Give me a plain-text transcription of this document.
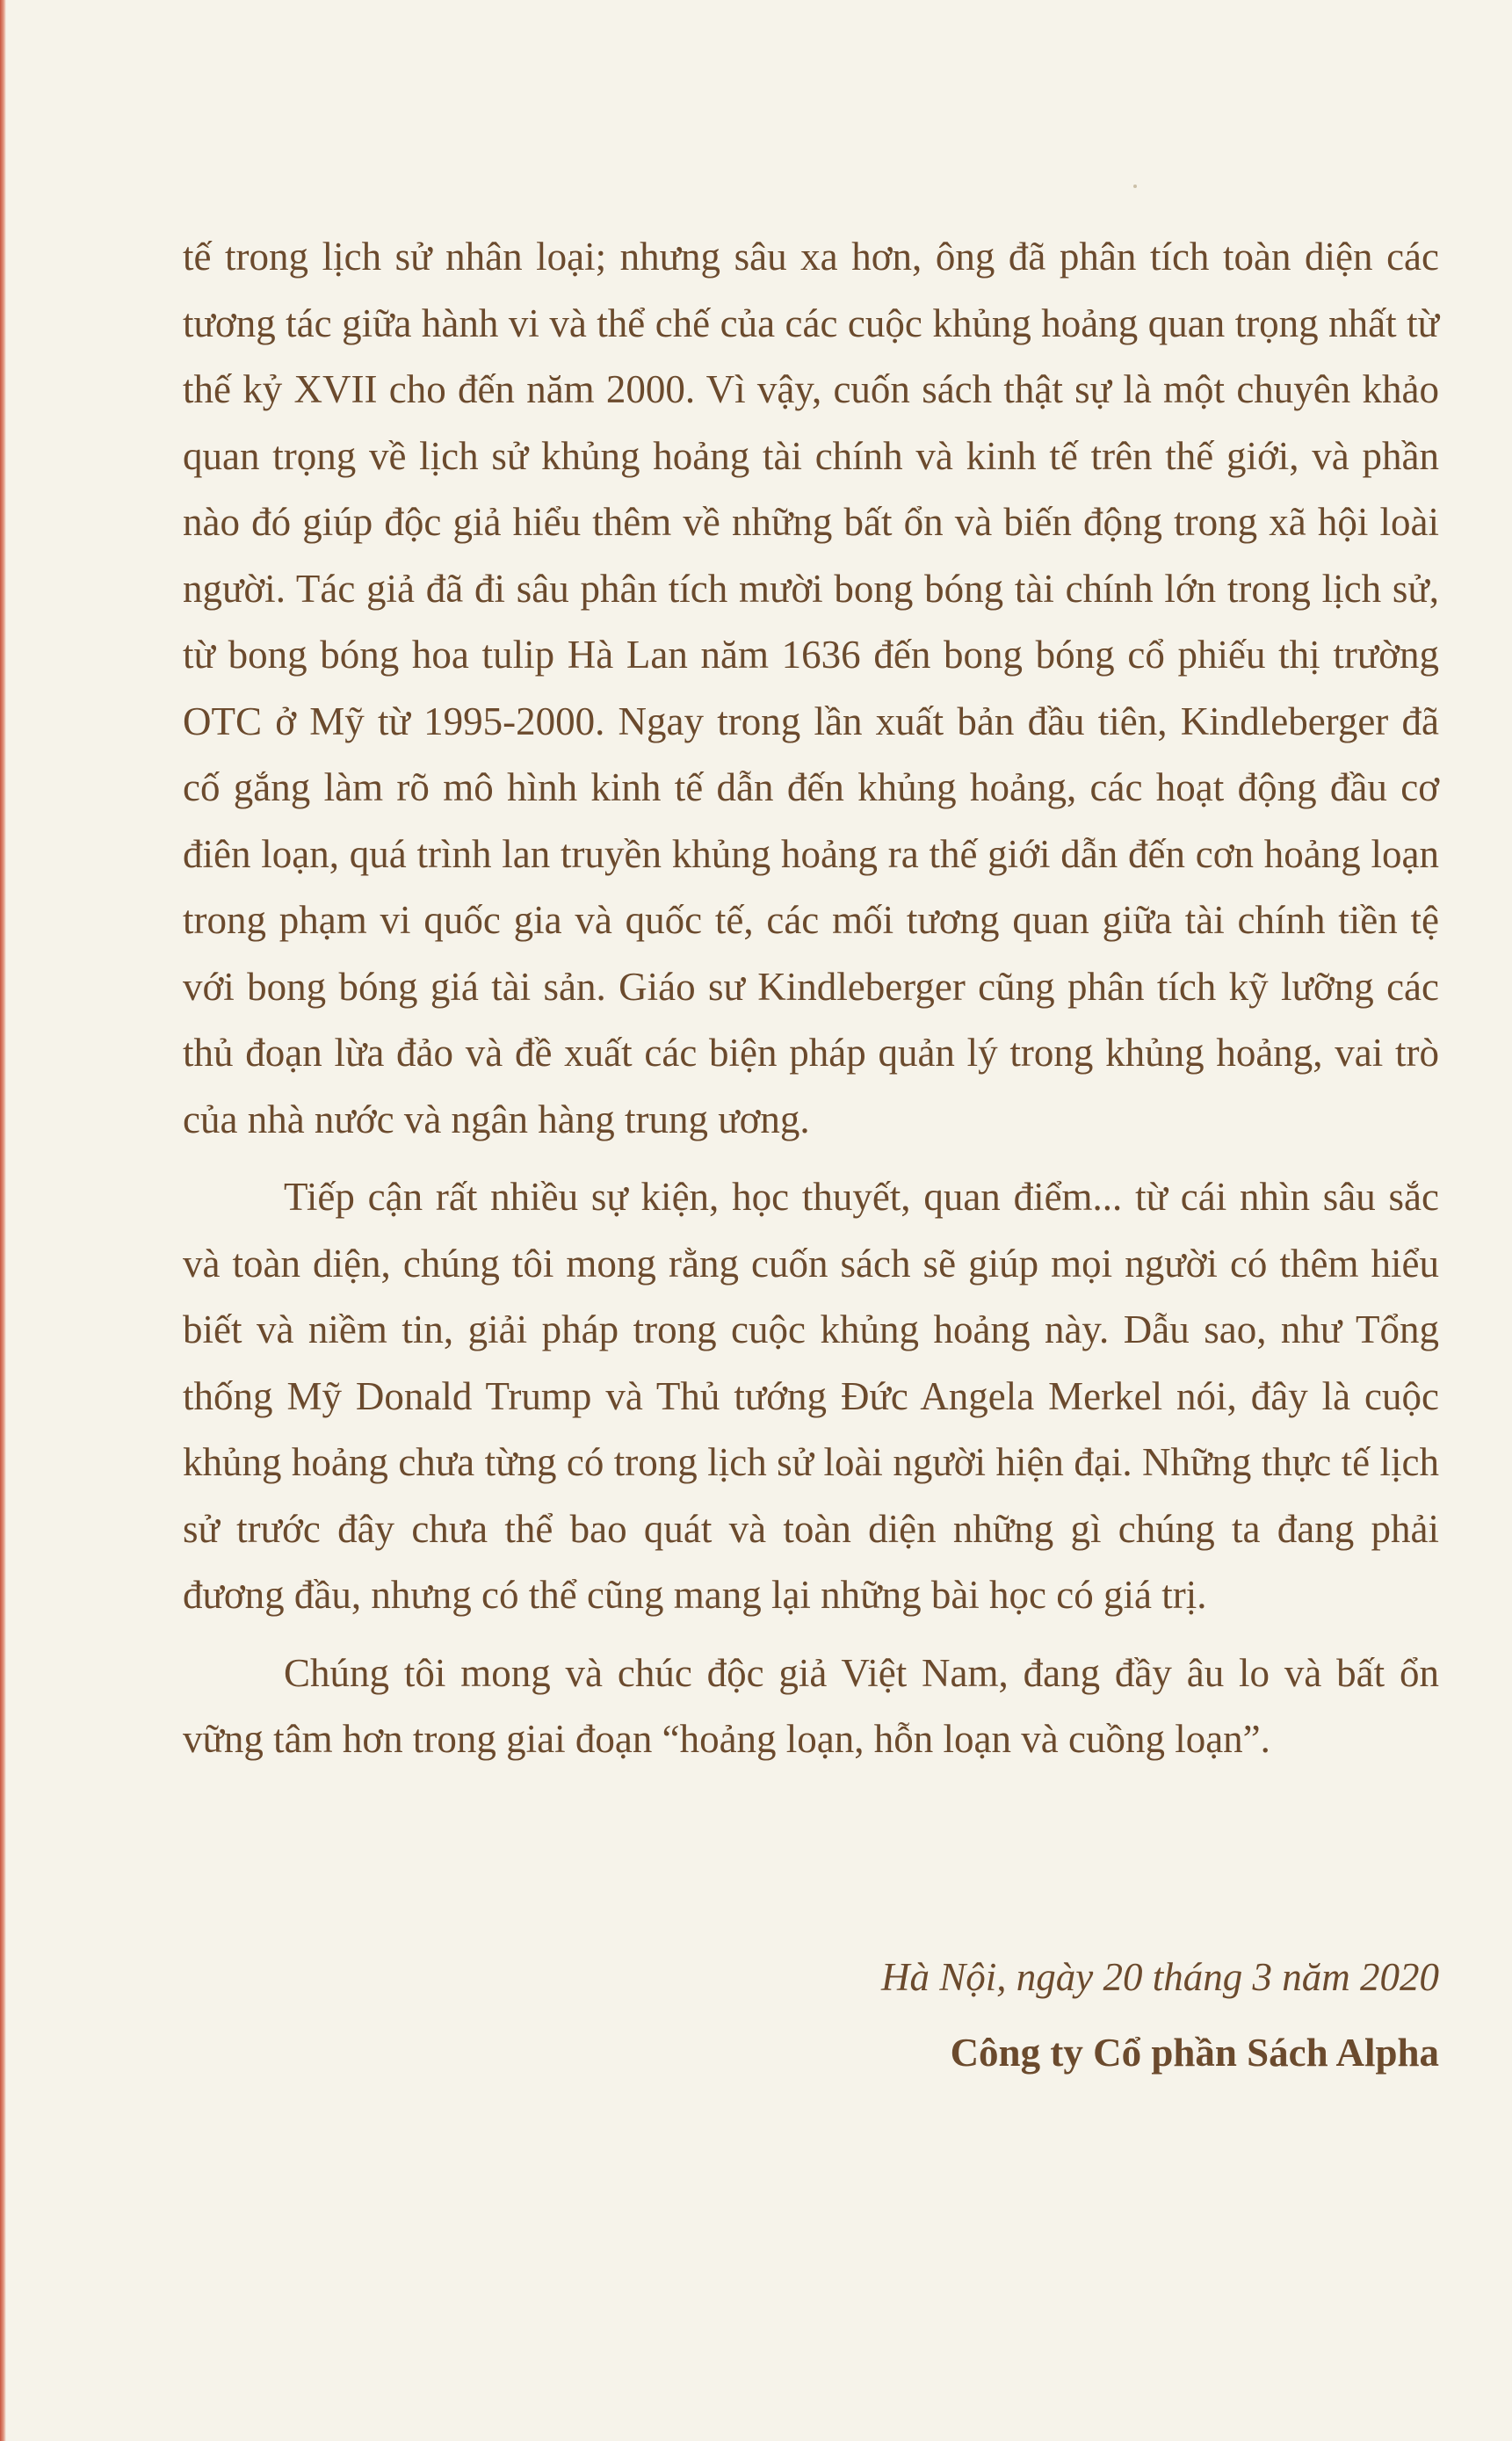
tế trong lịch sử nhân loại; nhưng sâu xa hơn, ông đã phân tích toàn diện các tương tác giữa hành vi và thể chế của các cuộc khủng hoảng quan trọng nhất từ thế kỷ XVII cho đến năm 2000. Vì vậy, cuốn sách thật sự là một chuyên khảo quan trọng về lịch sử khủng hoảng tài chính và kinh tế trên thế giới, và phần nào đó giúp độc giả hiểu thêm về những bất ổn và biến động trong xã hội loài người. Tác giả đã đi sâu phân tích mười bong bóng tài chính lớn trong lịch sử, từ bong bóng hoa tulip Hà Lan năm 1636 đến bong bóng cổ phiếu thị trường OTC ở Mỹ từ 1995-2000. Ngay trong lần xuất bản đầu tiên, Kindleberger đã cố gắng làm rõ mô hình kinh tế dẫn đến khủng hoảng, các hoạt động đầu cơ điên loạn, quá trình lan truyền khủng hoảng ra thế giới dẫn đến cơn hoảng loạn trong phạm vi quốc gia và quốc tế, các mối tương quan giữa tài chính tiền tệ với bong bóng giá tài sản. Giáo sư Kindleberger cũng phân tích kỹ lưỡng các thủ đoạn lừa đảo và đề xuất các biện pháp quản lý trong khủng hoảng, vai trò của nhà nước và ngân hàng trung ương.

Tiếp cận rất nhiều sự kiện, học thuyết, quan điểm... từ cái nhìn sâu sắc và toàn diện, chúng tôi mong rằng cuốn sách sẽ giúp mọi người có thêm hiểu biết và niềm tin, giải pháp trong cuộc khủng hoảng này. Dẫu sao, như Tổng thống Mỹ Donald Trump và Thủ tướng Đức Angela Merkel nói, đây là cuộc khủng hoảng chưa từng có trong lịch sử loài người hiện đại. Những thực tế lịch sử trước đây chưa thể bao quát và toàn diện những gì chúng ta đang phải đương đầu, nhưng có thể cũng mang lại những bài học có giá trị.

Chúng tôi mong và chúc độc giả Việt Nam, đang đầy âu lo và bất ổn vững tâm hơn trong giai đoạn “hoảng loạn, hỗn loạn và cuồng loạn”.

Hà Nội, ngày 20 tháng 3 năm 2020

Công ty Cổ phần Sách Alpha
